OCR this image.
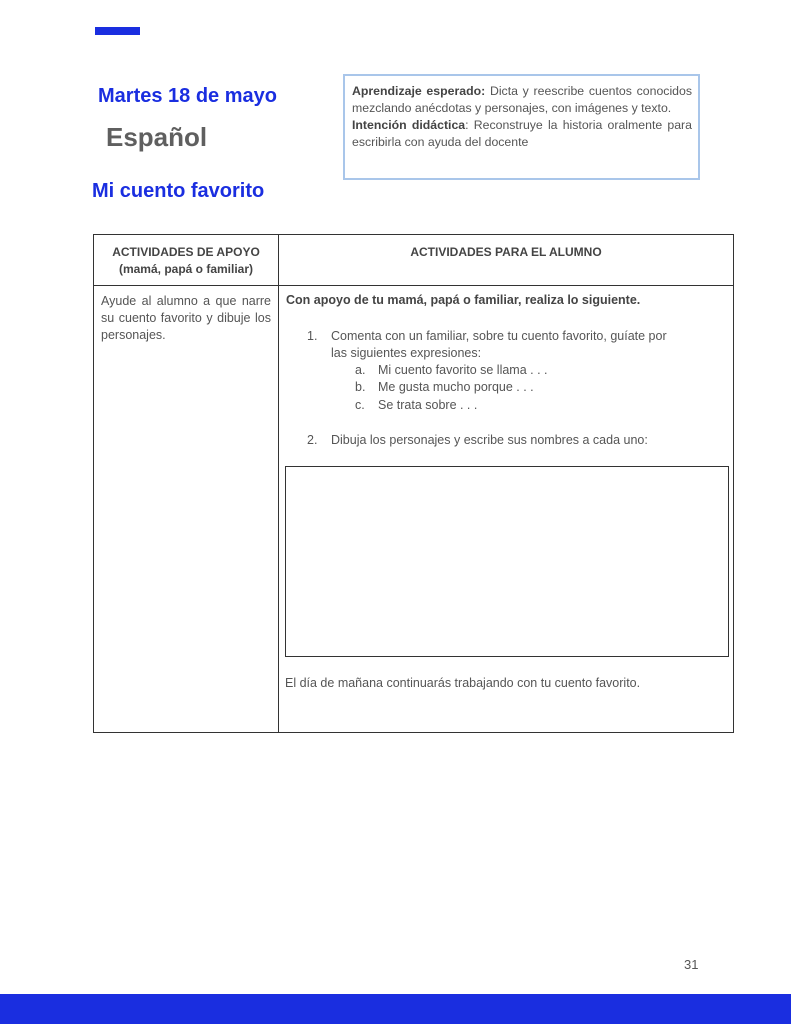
Martes 18 de mayo
Español
Mi cuento favorito
Aprendizaje esperado: Dicta y reescribe cuentos conocidos mezclando anécdotas y personajes, con imágenes y texto.
Intención didáctica: Reconstruye la historia oralmente para escribirla con ayuda del docente
ACTIVIDADES DE APOYO
(mamá, papá o familiar)
ACTIVIDADES PARA EL ALUMNO
Ayude al alumno a que narre su cuento favorito y dibuje los personajes.
Con apoyo de tu mamá, papá o familiar, realiza lo siguiente.
1. Comenta con un familiar, sobre tu cuento favorito, guíate por
las siguientes expresiones:
a. Mi cuento favorito se llama . . .
b. Me gusta mucho porque . . .
c. Se trata sobre . . .
2. Dibuja los personajes y escribe sus nombres a cada uno:
El día de mañana continuarás trabajando con tu cuento favorito.
31
